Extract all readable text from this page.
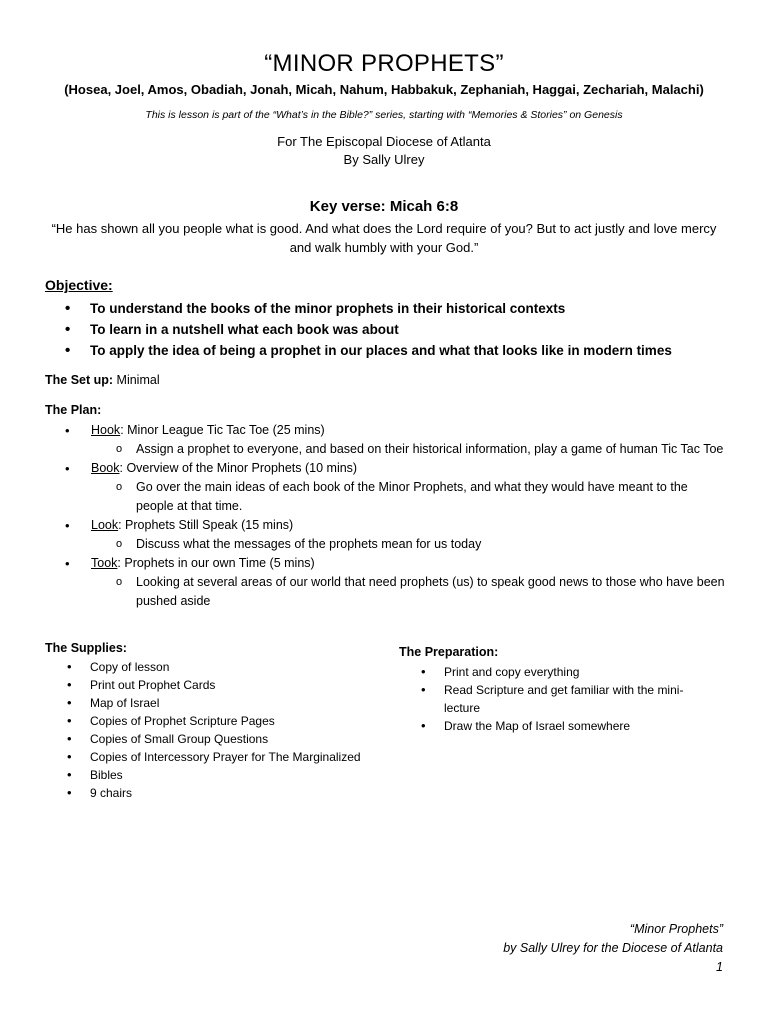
“MINOR PROPHETS”
(Hosea, Joel, Amos, Obadiah, Jonah, Micah, Nahum, Habbakuk, Zephaniah, Haggai, Zechariah, Malachi)
This is lesson is part of the “What’s in the Bible?” series, starting with “Memories & Stories” on Genesis
For The Episcopal Diocese of Atlanta
By Sally Ulrey
Key verse: Micah 6:8
“He has shown all you people what is good. And what does the Lord require of you? But to act justly and love mercy and walk humbly with your God.”
Objective:
• To understand the books of the minor prophets in their historical contexts
• To learn in a nutshell what each book was about
• To apply the idea of being a prophet in our places and what that looks like in modern times
The Set up: Minimal
The Plan:
• Hook: Minor League Tic Tac Toe (25 mins)
o Assign a prophet to everyone, and based on their historical information, play a game of human Tic Tac Toe
• Book: Overview of the Minor Prophets (10 mins)
o Go over the main ideas of each book of the Minor Prophets, and what they would have meant to the people at that time.
• Look: Prophets Still Speak (15 mins)
o Discuss what the messages of the prophets mean for us today
• Took: Prophets in our own Time (5 mins)
o Looking at several areas of our world that need prophets (us) to speak good news to those who have been pushed aside
The Supplies:
• Copy of lesson
• Print out Prophet Cards
• Map of Israel
• Copies of Prophet Scripture Pages
• Copies of Small Group Questions
• Copies of Intercessory Prayer for The Marginalized
• Bibles
• 9 chairs
The Preparation:
• Print and copy everything
• Read Scripture and get familiar with the mini-lecture
• Draw the Map of Israel somewhere
“Minor Prophets”
by Sally Ulrey for the Diocese of Atlanta
1
